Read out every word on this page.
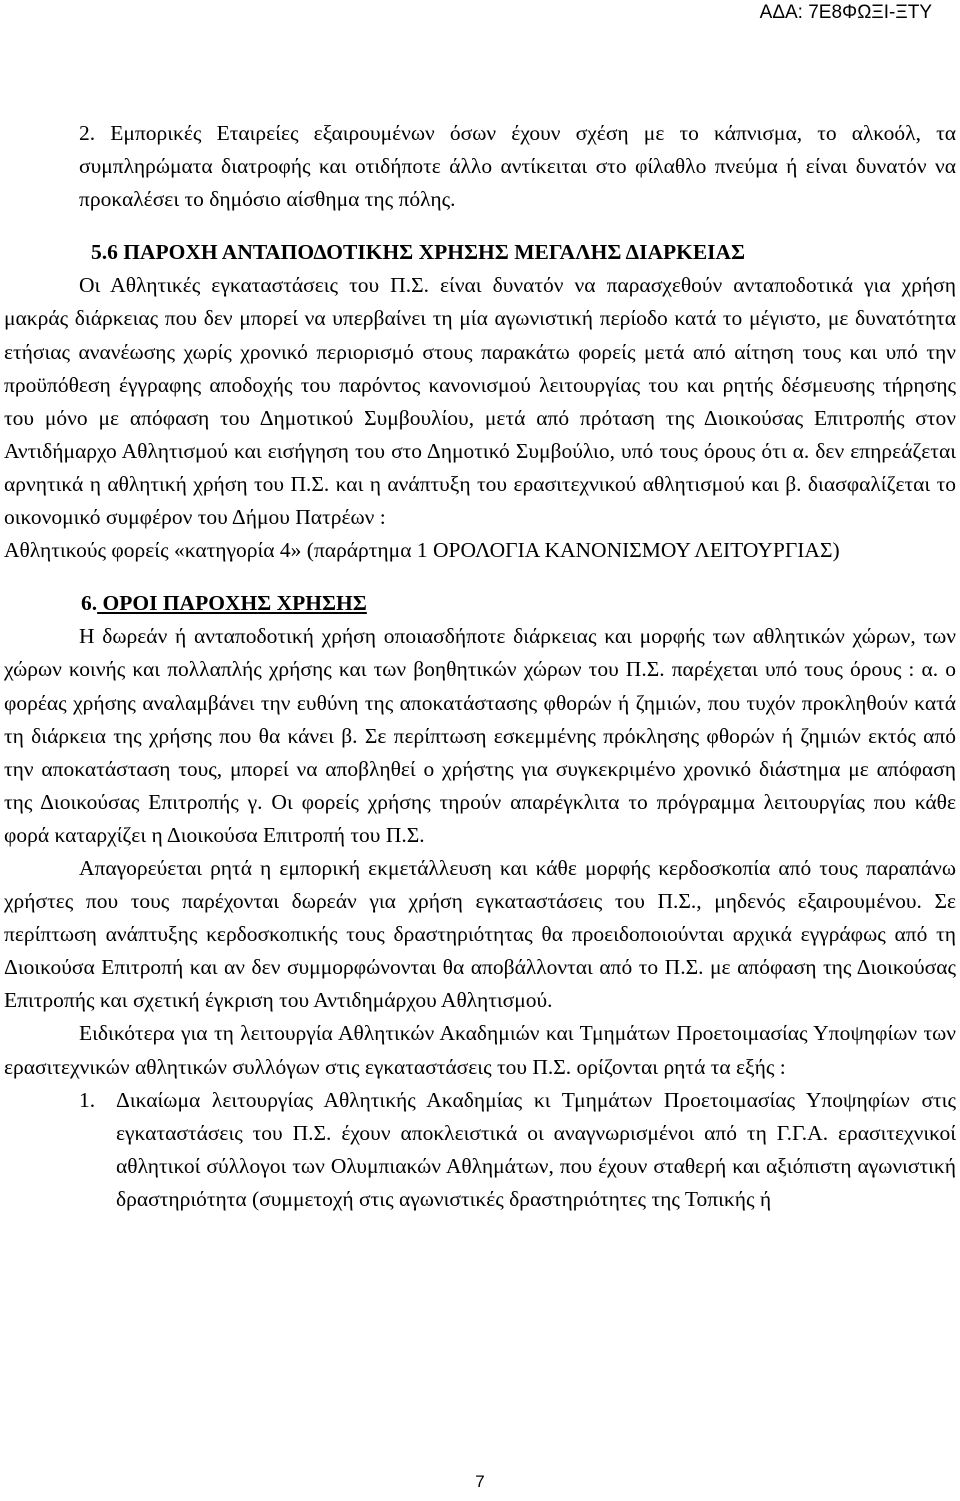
ΑΔΑ: 7Ε8ΦΩΞΙ-ΞΤΥ

2. Εμπορικές Εταιρείες εξαιρουμένων όσων έχουν σχέση με το κάπνισμα, το αλκοόλ, τα συμπληρώματα διατροφής και οτιδήποτε άλλο αντίκειται στο φίλαθλο πνεύμα ή είναι δυνατόν να προκαλέσει το δημόσιο αίσθημα της πόλης.

5.6 ΠΑΡΟΧΗ ΑΝΤΑΠΟΔΟΤΙΚΗΣ ΧΡΗΣΗΣ ΜΕΓΑΛΗΣ ΔΙΑΡΚΕΙΑΣ

Οι Αθλητικές εγκαταστάσεις του Π.Σ. είναι δυνατόν να παρασχεθούν ανταποδοτικά για χρήση μακράς διάρκειας που δεν μπορεί να υπερβαίνει τη μία αγωνιστική περίοδο κατά το μέγιστο, με δυνατότητα ετήσιας ανανέωσης χωρίς χρονικό περιορισμό στους παρακάτω φορείς μετά από αίτηση τους και υπό την προϋπόθεση έγγραφης αποδοχής του παρόντος κανονισμού λειτουργίας του και ρητής δέσμευσης τήρησης του μόνο με απόφαση του Δημοτικού Συμβουλίου, μετά από πρόταση της Διοικούσας Επιτροπής στον Αντιδήμαρχο Αθλητισμού και εισήγηση του στο Δημοτικό Συμβούλιο, υπό τους όρους ότι α. δεν επηρεάζεται αρνητικά η αθλητική χρήση του Π.Σ. και η ανάπτυξη του ερασιτεχνικού αθλητισμού και β. διασφαλίζεται το οικονομικό συμφέρον του Δήμου Πατρέων :

Αθλητικούς φορείς «κατηγορία 4» (παράρτημα 1 ΟΡΟΛΟΓΙΑ ΚΑΝΟΝΙΣΜΟΥ ΛΕΙΤΟΥΡΓΙΑΣ)

6. ΟΡΟΙ ΠΑΡΟΧΗΣ ΧΡΗΣΗΣ

Η δωρεάν ή ανταποδοτική χρήση οποιασδήποτε διάρκειας και μορφής των αθλητικών χώρων, των χώρων κοινής και πολλαπλής χρήσης και των βοηθητικών χώρων του Π.Σ. παρέχεται υπό τους όρους : α. ο φορέας χρήσης αναλαμβάνει την ευθύνη της αποκατάστασης φθορών ή ζημιών, που τυχόν προκληθούν κατά τη διάρκεια της χρήσης που θα κάνει β. Σε περίπτωση εσκεμμένης πρόκλησης φθορών ή ζημιών εκτός από την αποκατάσταση τους, μπορεί να αποβληθεί ο χρήστης για συγκεκριμένο χρονικό διάστημα με απόφαση της Διοικούσας Επιτροπής γ. Οι φορείς χρήσης τηρούν απαρέγκλιτα το πρόγραμμα λειτουργίας που κάθε φορά καταρχίζει η Διοικούσα Επιτροπή του Π.Σ.

Απαγορεύεται ρητά η εμπορική εκμετάλλευση και κάθε μορφής κερδοσκοπία από τους παραπάνω χρήστες που τους παρέχονται δωρεάν για χρήση εγκαταστάσεις του Π.Σ., μηδενός εξαιρουμένου. Σε περίπτωση ανάπτυξης κερδοσκοπικής τους δραστηριότητας θα προειδοποιούνται αρχικά εγγράφως από τη Διοικούσα Επιτροπή και αν δεν συμμορφώνονται θα αποβάλλονται από το Π.Σ. με απόφαση της Διοικούσας Επιτροπής και σχετική έγκριση του Αντιδημάρχου Αθλητισμού.

Ειδικότερα για τη λειτουργία Αθλητικών Ακαδημιών και Τμημάτων Προετοιμασίας Υποψηφίων των ερασιτεχνικών αθλητικών συλλόγων στις εγκαταστάσεις του Π.Σ. ορίζονται ρητά τα εξής :

1. Δικαίωμα λειτουργίας Αθλητικής Ακαδημίας κι Τμημάτων Προετοιμασίας Υποψηφίων στις εγκαταστάσεις του Π.Σ. έχουν αποκλειστικά οι αναγνωρισμένοι από τη Γ.Γ.Α. ερασιτεχνικοί αθλητικοί σύλλογοι των Ολυμπιακών Αθλημάτων, που έχουν σταθερή και αξιόπιστη αγωνιστική δραστηριότητα (συμμετοχή στις αγωνιστικές δραστηριότητες της Τοπικής ή
7
